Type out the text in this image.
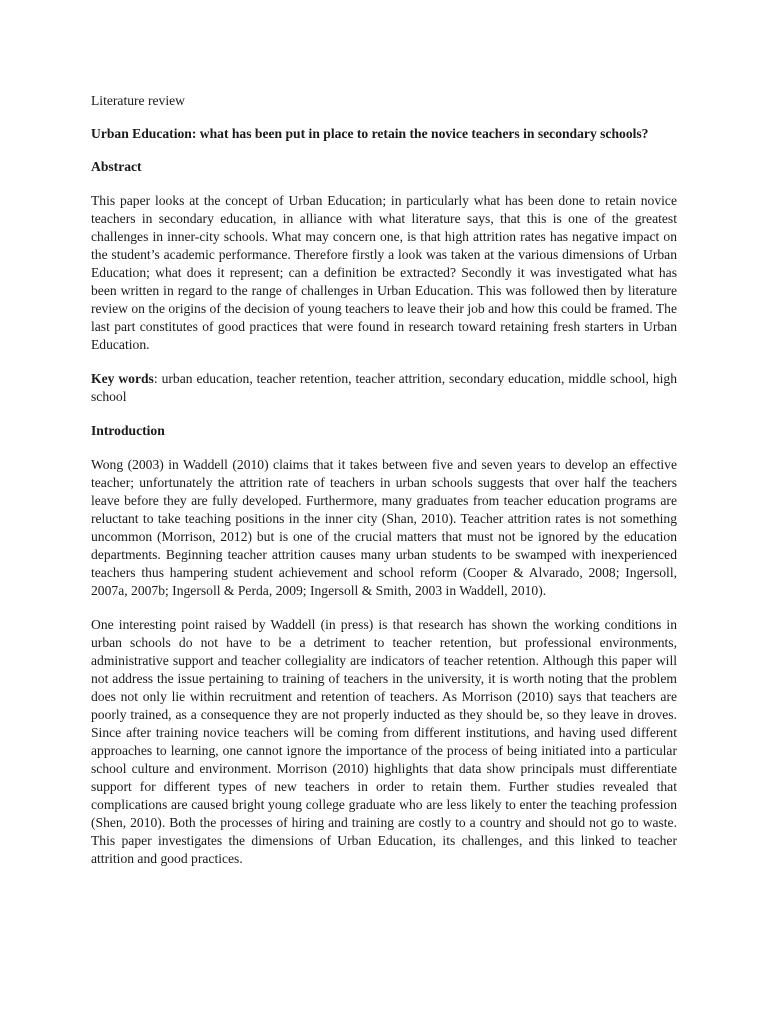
Literature review

Urban Education: what has been put in place to retain the novice teachers in secondary schools?

Abstract

This paper looks at the concept of Urban Education; in particularly what has been done to retain novice teachers in secondary education, in alliance with what literature says, that this is one of the greatest challenges in inner-city schools. What may concern one, is that high attrition rates has negative impact on the student’s academic performance. Therefore firstly a look was taken at the various dimensions of Urban Education; what does it represent; can a definition be extracted? Secondly it was investigated what has been written in regard to the range of challenges in Urban Education. This was followed then by literature review on the origins of the decision of young teachers to leave their job and how this could be framed. The last part constitutes of good practices that were found in research toward retaining fresh starters in Urban Education.

Key words: urban education, teacher retention, teacher attrition, secondary education, middle school, high school

Introduction

Wong (2003) in Waddell (2010) claims that it takes between five and seven years to develop an effective teacher; unfortunately the attrition rate of teachers in urban schools suggests that over half the teachers leave before they are fully developed. Furthermore, many graduates from teacher education programs are reluctant to take teaching positions in the inner city (Shan, 2010). Teacher attrition rates is not something uncommon (Morrison, 2012) but is one of the crucial matters that must not be ignored by the education departments. Beginning teacher attrition causes many urban students to be swamped with inexperienced teachers thus hampering student achievement and school reform (Cooper & Alvarado, 2008; Ingersoll, 2007a, 2007b; Ingersoll & Perda, 2009; Ingersoll & Smith, 2003 in Waddell, 2010).

One interesting point raised by Waddell (in press) is that research has shown the working conditions in urban schools do not have to be a detriment to teacher retention, but professional environments, administrative support and teacher collegiality are indicators of teacher retention. Although this paper will not address the issue pertaining to training of teachers in the university, it is worth noting that the problem does not only lie within recruitment and retention of teachers. As Morrison (2010) says that teachers are poorly trained, as a consequence they are not properly inducted as they should be, so they leave in droves. Since after training novice teachers will be coming from different institutions, and having used different approaches to learning, one cannot ignore the importance of the process of being initiated into a particular school culture and environment. Morrison (2010) highlights that data show principals must differentiate support for different types of new teachers in order to retain them. Further studies revealed that complications are caused bright young college graduate who are less likely to enter the teaching profession (Shen, 2010). Both the processes of hiring and training are costly to a country and should not go to waste. This paper investigates the dimensions of Urban Education, its challenges, and this linked to teacher attrition and good practices.
